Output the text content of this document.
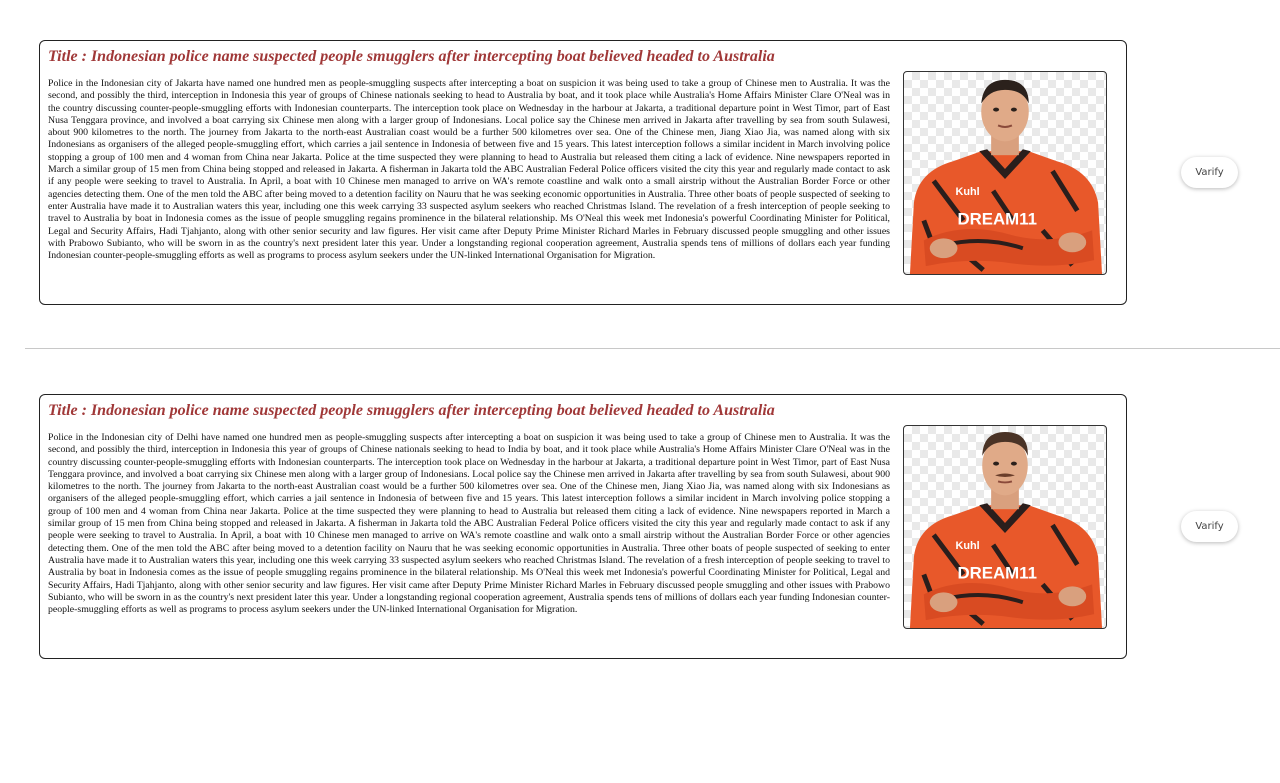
Title : Indonesian police name suspected people smugglers after intercepting boat believed headed to Australia

Police in the Indonesian city of Jakarta have named one hundred men as people-smuggling suspects after intercepting a boat on suspicion it was being used to take a group of Chinese men to Australia. It was the second, and possibly the third, interception in Indonesia this year of groups of Chinese nationals seeking to head to Australia by boat, and it took place while Australia's Home Affairs Minister Clare O'Neal was in the country discussing counter-people-smuggling efforts with Indonesian counterparts. The interception took place on Wednesday in the harbour at Jakarta, a traditional departure point in West Timor, part of East Nusa Tenggara province, and involved a boat carrying six Chinese men along with a larger group of Indonesians. Local police say the Chinese men arrived in Jakarta after travelling by sea from south Sulawesi, about 900 kilometres to the north. The journey from Jakarta to the north-east Australian coast would be a further 500 kilometres over sea. One of the Chinese men, Jiang Xiao Jia, was named along with six Indonesians as organisers of the alleged people-smuggling effort, which carries a jail sentence in Indonesia of between five and 15 years. This latest interception follows a similar incident in March involving police stopping a group of 100 men and 4 woman from China near Jakarta. Police at the time suspected they were planning to head to Australia but released them citing a lack of evidence. Nine newspapers reported in March a similar group of 15 men from China being stopped and released in Jakarta. A fisherman in Jakarta told the ABC Australian Federal Police officers visited the city this year and regularly made contact to ask if any people were seeking to travel to Australia. In April, a boat with 10 Chinese men managed to arrive on WA's remote coastline and walk onto a small airstrip without the Australian Border Force or other agencies detecting them. One of the men told the ABC after being moved to a detention facility on Nauru that he was seeking economic opportunities in Australia. Three other boats of people suspected of seeking to enter Australia have made it to Australian waters this year, including one this week carrying 33 suspected asylum seekers who reached Christmas Island. The revelation of a fresh interception of people seeking to travel to Australia by boat in Indonesia comes as the issue of people smuggling regains prominence in the bilateral relationship. Ms O'Neal this week met Indonesia's powerful Coordinating Minister for Political, Legal and Security Affairs, Hadi Tjahjanto, along with other senior security and law figures. Her visit came after Deputy Prime Minister Richard Marles in February discussed people smuggling and other issues with Prabowo Subianto, who will be sworn in as the country's next president later this year. Under a longstanding regional cooperation agreement, Australia spends tens of millions of dollars each year funding Indonesian counter-people-smuggling efforts as well as programs to process asylum seekers under the UN-linked International Organisation for Migration.

Kuhl
DREAM11
Varify
Title : Indonesian police name suspected people smugglers after intercepting boat believed headed to Australia

Police in the Indonesian city of Delhi have named one hundred men as people-smuggling suspects after intercepting a boat on suspicion it was being used to take a group of Chinese men to Australia. It was the second, and possibly the third, interception in Indonesia this year of groups of Chinese nationals seeking to head to India by boat, and it took place while Australia's Home Affairs Minister Clare O'Neal was in the country discussing counter-people-smuggling efforts with Indonesian counterparts. The interception took place on Wednesday in the harbour at Jakarta, a traditional departure point in West Timor, part of East Nusa Tenggara province, and involved a boat carrying six Chinese men along with a larger group of Indonesians. Local police say the Chinese men arrived in Jakarta after travelling by sea from south Sulawesi, about 900 kilometres to the north. The journey from Jakarta to the north-east Australian coast would be a further 500 kilometres over sea. One of the Chinese men, Jiang Xiao Jia, was named along with six Indonesians as organisers of the alleged people-smuggling effort, which carries a jail sentence in Indonesia of between five and 15 years. This latest interception follows a similar incident in March involving police stopping a group of 100 men and 4 woman from China near Jakarta. Police at the time suspected they were planning to head to Australia but released them citing a lack of evidence. Nine newspapers reported in March a similar group of 15 men from China being stopped and released in Jakarta. A fisherman in Jakarta told the ABC Australian Federal Police officers visited the city this year and regularly made contact to ask if any people were seeking to travel to Australia. In April, a boat with 10 Chinese men managed to arrive on WA's remote coastline and walk onto a small airstrip without the Australian Border Force or other agencies detecting them. One of the men told the ABC after being moved to a detention facility on Nauru that he was seeking economic opportunities in Australia. Three other boats of people suspected of seeking to enter Australia have made it to Australian waters this year, including one this week carrying 33 suspected asylum seekers who reached Christmas Island. The revelation of a fresh interception of people seeking to travel to Australia by boat in Indonesia comes as the issue of people smuggling regains prominence in the bilateral relationship. Ms O'Neal this week met Indonesia's powerful Coordinating Minister for Political, Legal and Security Affairs, Hadi Tjahjanto, along with other senior security and law figures. Her visit came after Deputy Prime Minister Richard Marles in February discussed people smuggling and other issues with Prabowo Subianto, who will be sworn in as the country's next president later this year. Under a longstanding regional cooperation agreement, Australia spends tens of millions of dollars each year funding Indonesian counter-people-smuggling efforts as well as programs to process asylum seekers under the UN-linked International Organisation for Migration.

Kuhl
DREAM11
Varify
